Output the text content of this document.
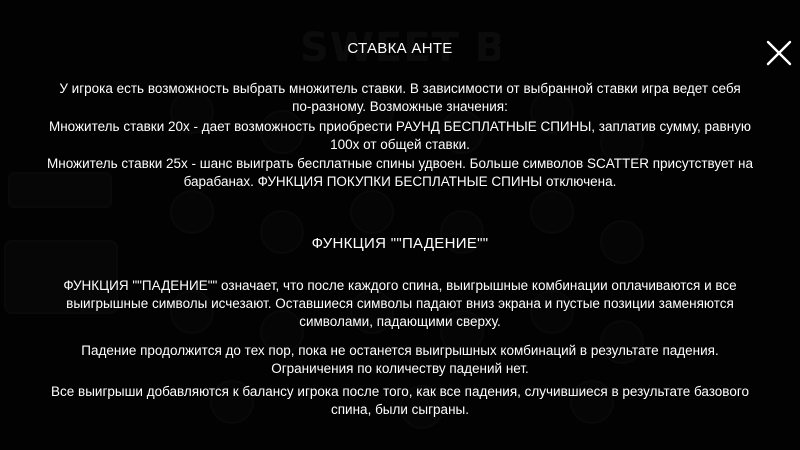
СТАВКА АНТЕ
У игрока есть возможность выбрать множитель ставки. В зависимости от выбранной ставки игра ведет себя
по-разному. Возможные значения:
Множитель ставки 20x - дает возможность приобрести РАУНД БЕСПЛАТНЫЕ СПИНЫ, заплатив сумму, равную
100x от общей ставки.
Множитель ставки 25x - шанс выиграть бесплатные спины удвоен. Больше символов SCATTER присутствует на
барабанах. ФУНКЦИЯ ПОКУПКИ БЕСПЛАТНЫЕ СПИНЫ отключена.
ФУНКЦИЯ ""ПАДЕНИЕ""
ФУНКЦИЯ ""ПАДЕНИЕ"" означает, что после каждого спина, выигрышные комбинации оплачиваются и все
выигрышные символы исчезают. Оставшиеся символы падают вниз экрана и пустые позиции заменяются
символами, падающими сверху.
Падение продолжится до тех пор, пока не останется выигрышных комбинаций в результате падения.
Ограничения по количеству падений нет.
Все выигрыши добавляются к балансу игрока после того, как все падения, случившиеся в результате базового
спина, были сыграны.
